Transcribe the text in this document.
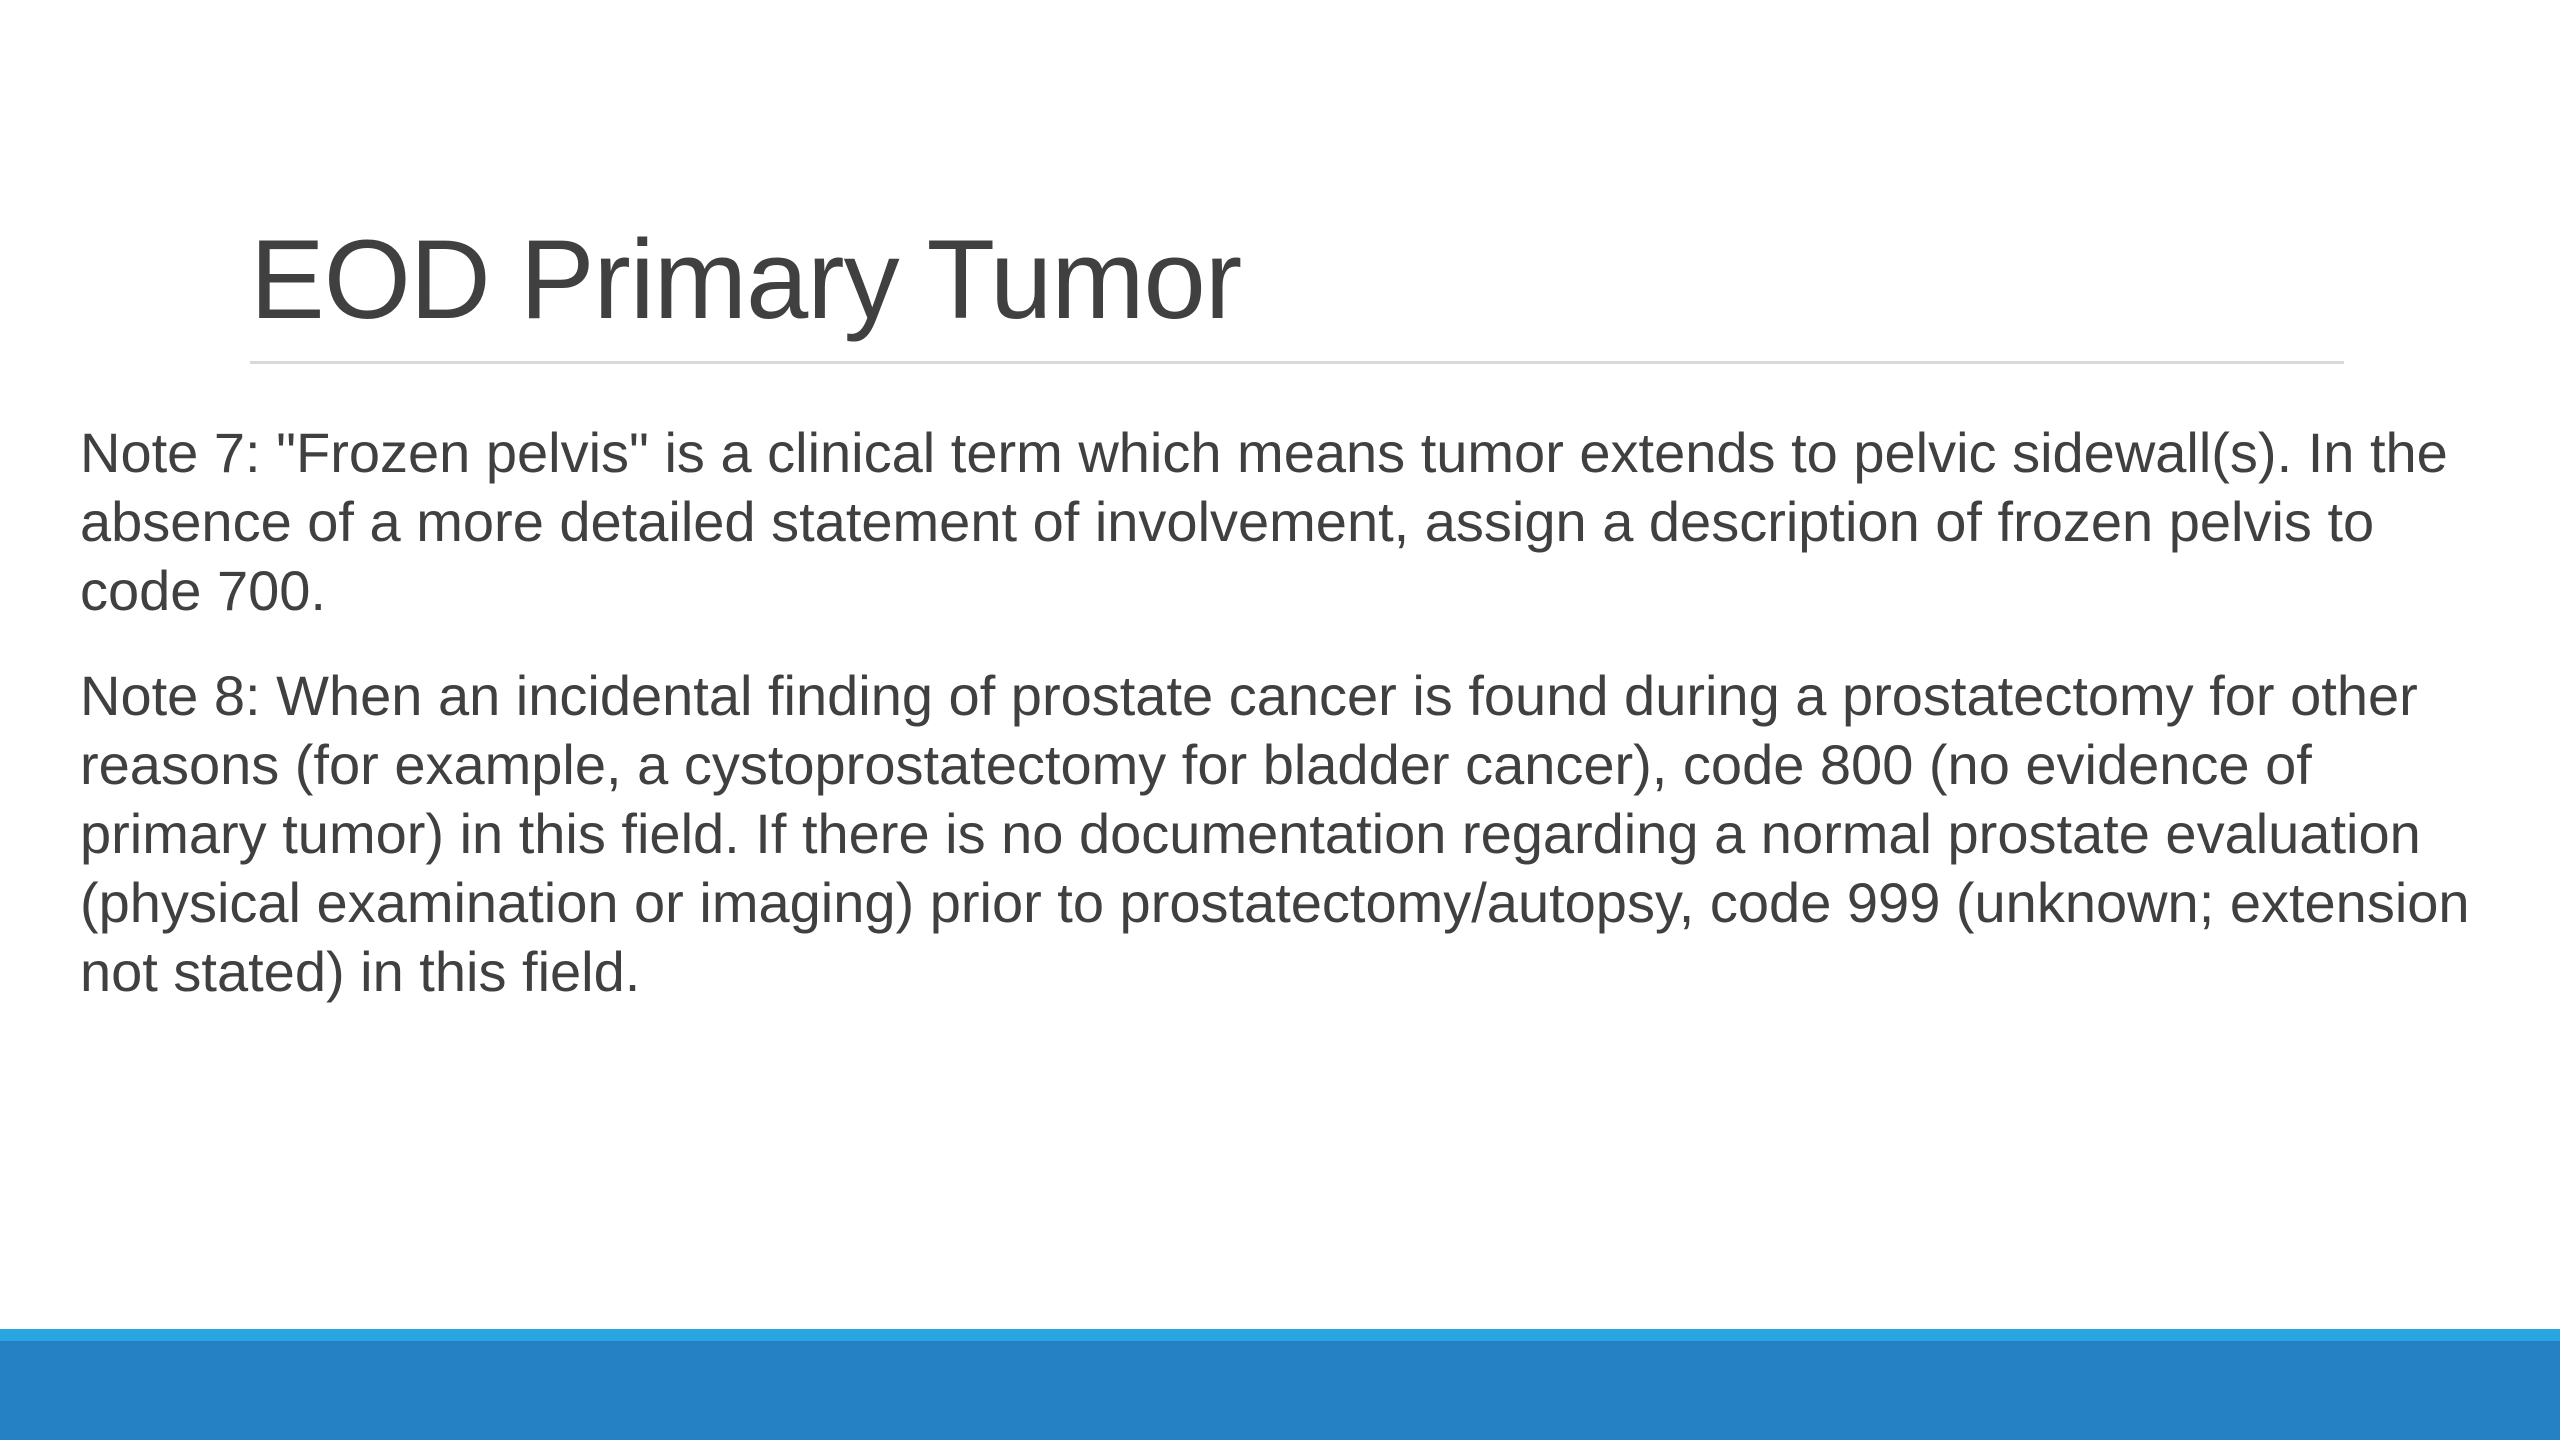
EOD Primary Tumor

Note 7: "Frozen pelvis" is a clinical term which means tumor extends to pelvic sidewall(s). In the absence of a more detailed statement of involvement, assign a description of frozen pelvis to code 700.

Note 8: When an incidental finding of prostate cancer is found during a prostatectomy for other reasons (for example, a cystoprostatectomy for bladder cancer), code 800 (no evidence of primary tumor) in this field. If there is no documentation regarding a normal prostate evaluation (physical examination or imaging) prior to prostatectomy/autopsy, code 999 (unknown; extension not stated) in this field.
